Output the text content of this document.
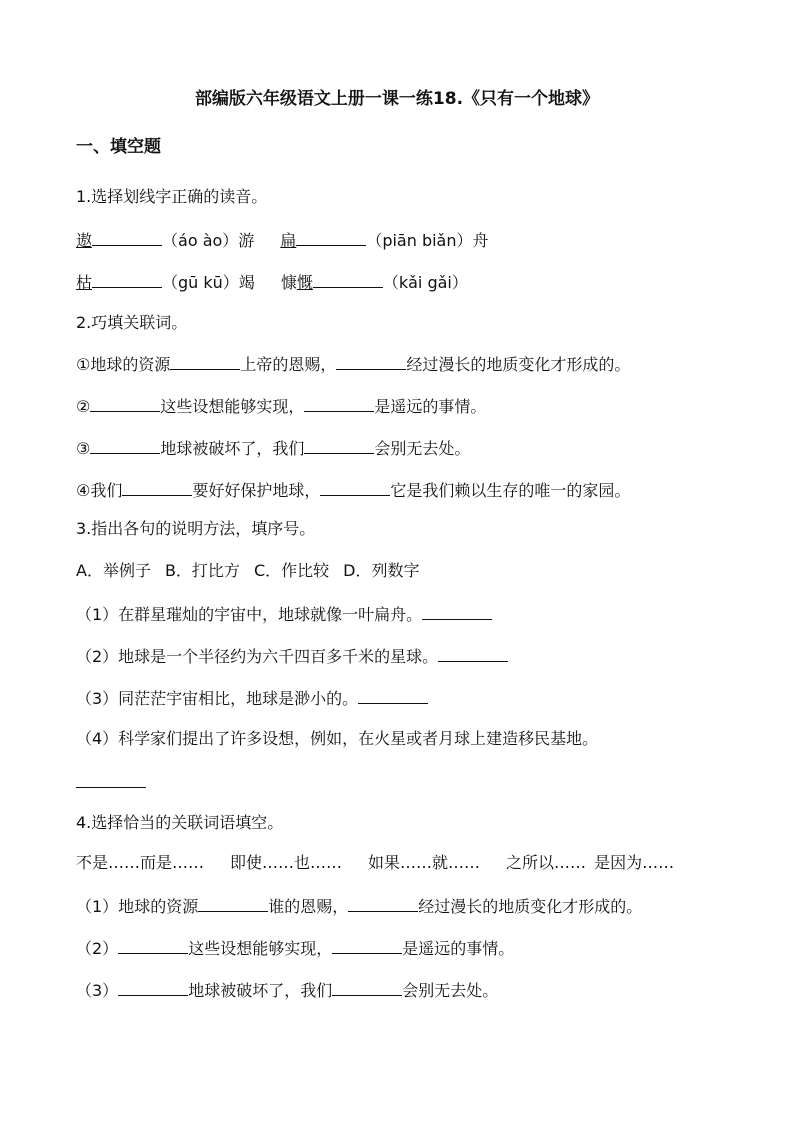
部编版六年级语文上册一课一练18.《只有一个地球》
一、填空题
1.选择划线字正确的读音。
遨	（áo ào）游 扁	（piān biǎn）舟
枯	（gū kū）竭 慷慨	（kǎi gǎi）
2.巧填关联词。
①地球的资源	上帝的恩赐，	经过漫长的地质变化才形成的。
②	这些设想能够实现，	是遥远的事情。
③	地球被破坏了，我们	会别无去处。
④我们	要好好保护地球，	它是我们赖以生存的唯一的家园。
3.指出各句的说明方法，填序号。
A．举例子 B．打比方 C．作比较 D．列数字
（1）在群星璀灿的宇宙中，地球就像一叶扁舟。
（2）地球是一个半径约为六千四百多千米的星球。
（3）同茫茫宇宙相比，地球是渺小的。
（4）科学家们提出了许多设想，例如，在火星或者月球上建造移民基地。
4.选择恰当的关联词语填空。
不是……而是…… 即使……也…… 如果……就…… 之所以…… 是因为……
（1）地球的资源	谁的恩赐，	经过漫长的地质变化才形成的。
（2）	这些设想能够实现，	是遥远的事情。
（3）	地球被破坏了，我们	会别无去处。
